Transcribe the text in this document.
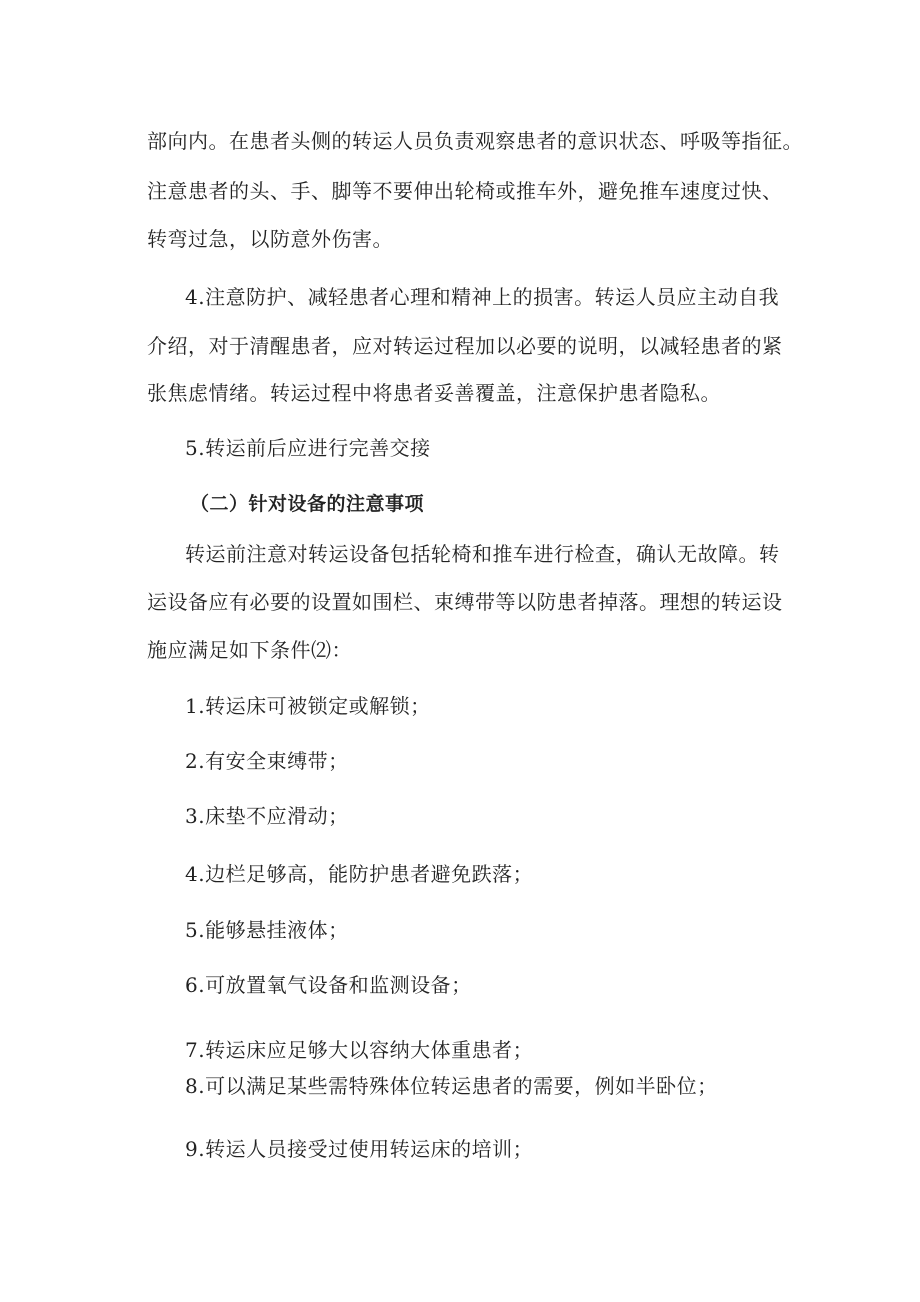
部向内。在患者头侧的转运人员负责观察患者的意识状态、呼吸等指征。
注意患者的头、手、脚等不要伸出轮椅或推车外，避免推车速度过快、
转弯过急，以防意外伤害。
4.注意防护、减轻患者心理和精神上的损害。转运人员应主动自我
介绍，对于清醒患者，应对转运过程加以必要的说明，以减轻患者的紧
张焦虑情绪。转运过程中将患者妥善覆盖，注意保护患者隐私。
5.转运前后应进行完善交接
（二）针对设备的注意事项
转运前注意对转运设备包括轮椅和推车进行检查，确认无故障。转
运设备应有必要的设置如围栏、束缚带等以防患者掉落。理想的转运设
施应满足如下条件⑵：
1.转运床可被锁定或解锁；
2.有安全束缚带；
3.床垫不应滑动；
4.边栏足够高，能防护患者避免跌落；
5.能够悬挂液体；
6.可放置氧气设备和监测设备；
7.转运床应足够大以容纳大体重患者；
8.可以满足某些需特殊体位转运患者的需要，例如半卧位；
9.转运人员接受过使用转运床的培训；
